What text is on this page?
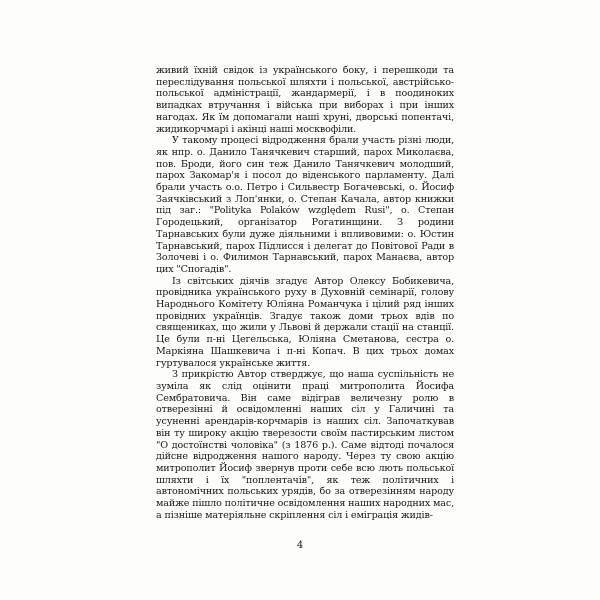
живий їхній свідок із українського боку, і перешкоди та переслідування польської шляхти і польської, австрійсько-польської адміністрації, жандармерії, і в поодиноких випадках втручання і війська при виборах і при інших нагодах. Як їм допомагали наші хруні, дворські попентачі, жидикорчмарі і акінці наші москвофіли.

У такому процесі відродження брали участь різні люди, як нпр. о. Данило Танячкевич старший, парох Миколаєва, пов. Броди, його син теж Данило Танячкевич молодший, парох Закомар'я і посол до віденського парламенту. Далі брали участь о.о. Петро і Сильвестр Богачевські, о. Йосиф Заячківський з Лоп'янки, о. Степан Качала, автор книжки під заг.: "Polityka Polaków względem Rusi", о. Степан Городецький, організатор Рогатинщини. З родини Тарнавських були дуже діяльними і впливовими: о. Юстин Тарнавський, парох Підлисся і делегат до Повітової Ради в Золочеві і о. Филимон Тарнавський, парох Манаєва, автор цих "Спогадів".

Із світських діячів згадує Автор Олексу Бобикевича, провідника українського руху в Духовній семінарії, голову Народнього Комітету Юліяна Романчука і цілий ряд інших провідних українців. Згадує також доми трьох вдів по священиках, що жили у Львові й держали стації на станції. Це були п-ні Цегельська, Юліяна Сметанова, сестра о. Маркіяна Шашкевича і п-ні Копач. В цих трьох домах гуртувалося українське життя.

З прикрістю Автор стверджує, що наша суспільність не зуміла як слід оцінити праці митрополита Йосифа Сембратовича. Він саме відіграв величезну ролю в отверезінні й освідомленні наших сіл у Галичині та усуненні арендарів-корчмарів із наших сіл. Започаткував він ту широку акцію тверезости своїм пастирським листом "О достоїнстві чоловіка" (з 1876 р.). Саме відтоді почалося дійсне відродження нашого народу. Через ту свою акцію митрополит Йосиф звернув проти себе всю лють польської шляхти і їх "поплентачів", як теж політичних і автономічних польських урядів, бо за отверезінням народу майже пішло політичне освідомлення наших народних мас, а пізніше матеріяльне скріплення сіл і еміграція жидів-

4
